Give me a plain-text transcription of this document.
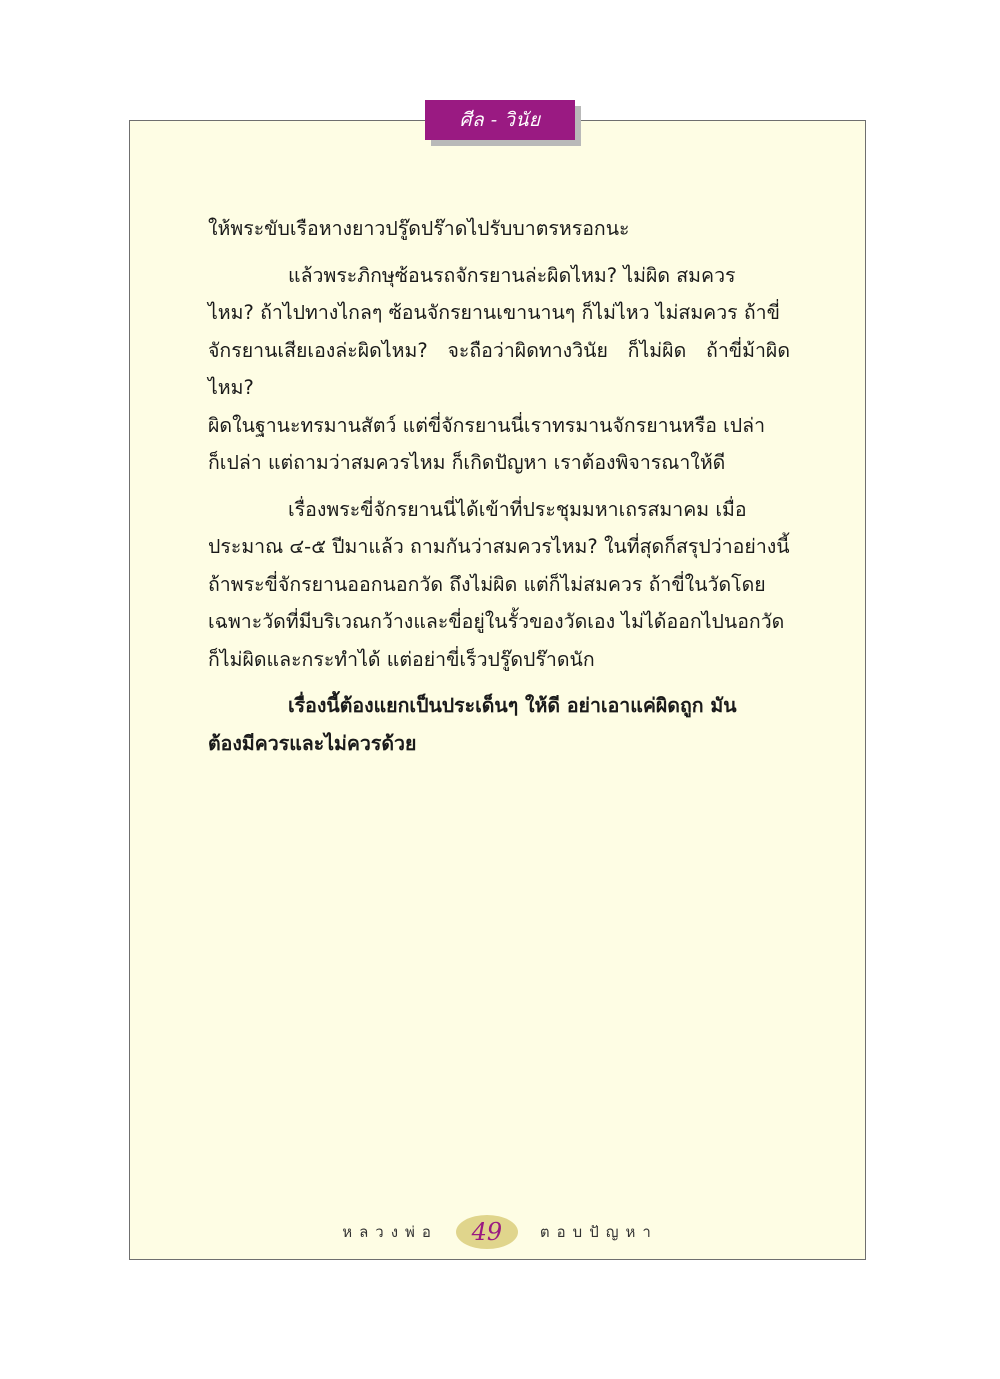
ศีล - วินัย

ให้พระขับเรือหางยาวปรู๊ดปร๊าดไปรับบาตรหรอกนะ

แล้วพระภิกษุซ้อนรถจักรยานล่ะผิดไหม? ไม่ผิด สมควร
ไหม? ถ้าไปทางไกลๆ ซ้อนจักรยานเขานานๆ ก็ไม่ไหว ไม่สมควร ถ้าขี่
จักรยานเสียเองล่ะผิดไหม? จะถือว่าผิดทางวินัย ก็ไม่ผิด ถ้าขี่ม้าผิดไหม?
ผิดในฐานะทรมานสัตว์ แต่ขี่จักรยานนี่เราทรมานจักรยานหรือ เปล่า
ก็เปล่า แต่ถามว่าสมควรไหม ก็เกิดปัญหา เราต้องพิจารณาให้ดี

เรื่องพระขี่จักรยานนี่ได้เข้าที่ประชุมมหาเถรสมาคม เมื่อ
ประมาณ ๔-๕ ปีมาแล้ว ถามกันว่าสมควรไหม? ในที่สุดก็สรุปว่าอย่างนี้
ถ้าพระขี่จักรยานออกนอกวัด ถึงไม่ผิด แต่ก็ไม่สมควร ถ้าขี่ในวัดโดย
เฉพาะวัดที่มีบริเวณกว้างและขี่อยู่ในรั้วของวัดเอง ไม่ได้ออกไปนอกวัด
ก็ไม่ผิดและกระทำได้ แต่อย่าขี่เร็วปรู๊ดปร๊าดนัก

เรื่องนี้ต้องแยกเป็นประเด็นๆ ให้ดี อย่าเอาแค่ผิดถูก มัน
ต้องมีควรและไม่ควรด้วย

หลวงพ่อ	49	ตอบปัญหา
